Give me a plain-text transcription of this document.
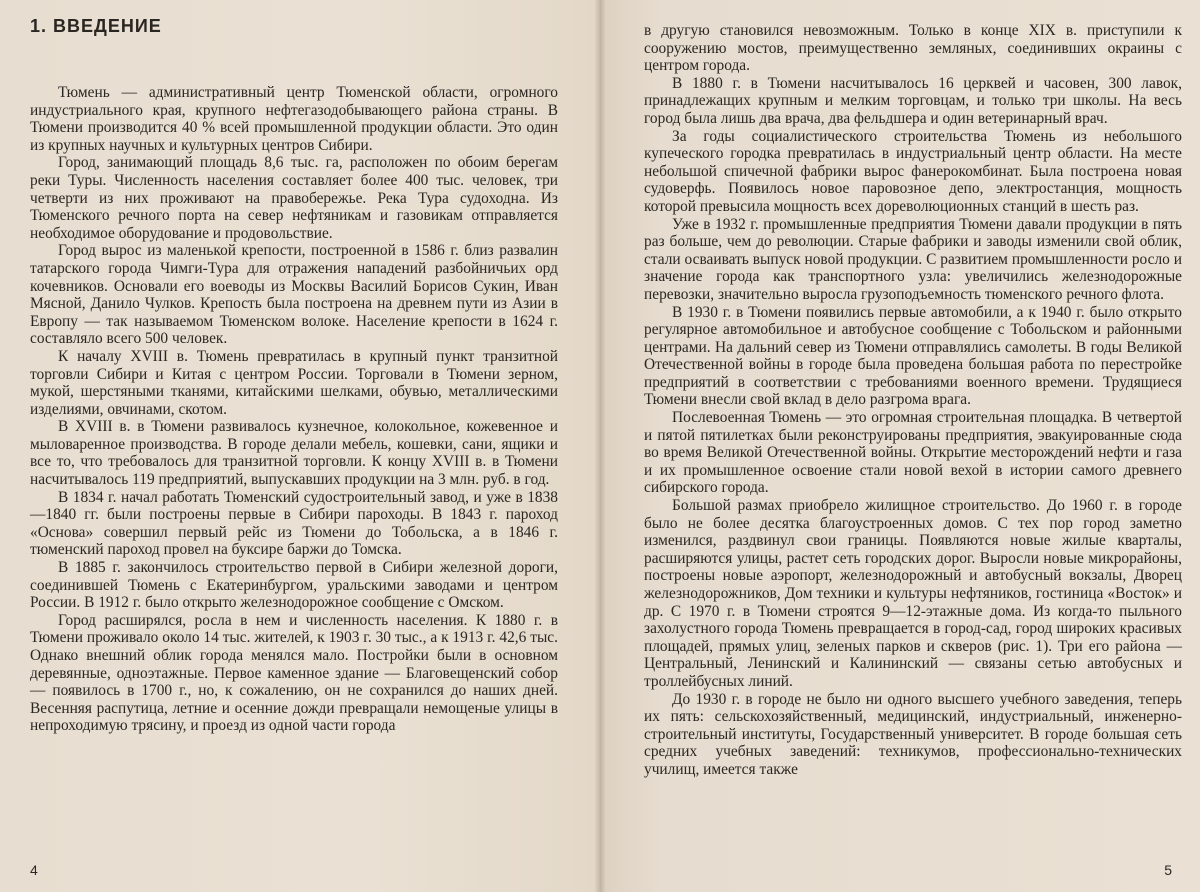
1. ВВЕДЕНИЕ

Тюмень — административный центр Тюменской области, огромного индустриального края, крупного нефтегазодобывающего района страны. В Тюмени производится 40 % всей промышленной продукции области. Это один из крупных научных и культурных центров Сибири.

Город, занимающий площадь 8,6 тыс. га, расположен по обоим берегам реки Туры. Численность населения составляет более 400 тыс. человек, три четверти из них проживают на правобережье. Река Тура судоходна. Из Тюменского речного порта на север нефтяникам и газовикам отправляется необходимое оборудование и продовольствие.

Город вырос из маленькой крепости, построенной в 1586 г. близ развалин татарского города Чимги-Тура для отражения нападений разбойничьих орд кочевников. Основали его воеводы из Москвы Василий Борисов Сукин, Иван Мясной, Данило Чулков. Крепость была построена на древнем пути из Азии в Европу — так называемом Тюменском волоке. Население крепости в 1624 г. составляло всего 500 человек.

К началу XVIII в. Тюмень превратилась в крупный пункт транзитной торговли Сибири и Китая с центром России. Торговали в Тюмени зерном, мукой, шерстяными тканями, китайскими шелками, обувью, металлическими изделиями, овчинами, скотом.

В XVIII в. в Тюмени развивалось кузнечное, колокольное, кожевенное и мыловаренное производства. В городе делали мебель, кошевки, сани, ящики и все то, что требовалось для транзитной торговли. К концу XVIII в. в Тюмени насчитывалось 119 предприятий, выпускавших продукции на 3 млн. руб. в год.

В 1834 г. начал работать Тюменский судостроительный завод, и уже в 1838—1840 гг. были построены первые в Сибири пароходы. В 1843 г. пароход «Основа» совершил первый рейс из Тюмени до Тобольска, а в 1846 г. тюменский пароход провел на буксире баржи до Томска.

В 1885 г. закончилось строительство первой в Сибири железной дороги, соединившей Тюмень с Екатеринбургом, уральскими заводами и центром России. В 1912 г. было открыто железнодорожное сообщение с Омском.

Город расширялся, росла в нем и численность населения. К 1880 г. в Тюмени проживало около 14 тыс. жителей, к 1903 г. 30 тыс., а к 1913 г. 42,6 тыс. Однако внешний облик города менялся мало. Постройки были в основном деревянные, одноэтажные. Первое каменное здание — Благовещенский собор — появилось в 1700 г., но, к сожалению, он не сохранился до наших дней. Весенняя распутица, летние и осенние дожди превращали немощеные улицы в непроходимую трясину, и проезд из одной части города

4

в другую становился невозможным. Только в конце XIX в. приступили к сооружению мостов, преимущественно земляных, соединивших окраины с центром города.

В 1880 г. в Тюмени насчитывалось 16 церквей и часовен, 300 лавок, принадлежащих крупным и мелким торговцам, и только три школы. На весь город была лишь два врача, два фельдшера и один ветеринарный врач.

За годы социалистического строительства Тюмень из небольшого купеческого городка превратилась в индустриальный центр области. На месте небольшой спичечной фабрики вырос фанерокомбинат. Была построена новая судоверфь. Появилось новое паровозное депо, электростанция, мощность которой превысила мощность всех дореволюционных станций в шесть раз.

Уже в 1932 г. промышленные предприятия Тюмени давали продукции в пять раз больше, чем до революции. Старые фабрики и заводы изменили свой облик, стали осваивать выпуск новой продукции. С развитием промышленности росло и значение города как транспортного узла: увеличились железнодорожные перевозки, значительно выросла грузоподъемность тюменского речного флота.

В 1930 г. в Тюмени появились первые автомобили, а к 1940 г. было открыто регулярное автомобильное и автобусное сообщение с Тобольском и районными центрами. На дальний север из Тюмени отправлялись самолеты. В годы Великой Отечественной войны в городе была проведена большая работа по перестройке предприятий в соответствии с требованиями военного времени. Трудящиеся Тюмени внесли свой вклад в дело разгрома врага.

Послевоенная Тюмень — это огромная строительная площадка. В четвертой и пятой пятилетках были реконструированы предприятия, эвакуированные сюда во время Великой Отечественной войны. Открытие месторождений нефти и газа и их промышленное освоение стали новой вехой в истории самого древнего сибирского города.

Большой размах приобрело жилищное строительство. До 1960 г. в городе было не более десятка благоустроенных домов. С тех пор город заметно изменился, раздвинул свои границы. Появляются новые жилые кварталы, расширяются улицы, растет сеть городских дорог. Выросли новые микрорайоны, построены новые аэропорт, железнодорожный и автобусный вокзалы, Дворец железнодорожников, Дом техники и культуры нефтяников, гостиница «Восток» и др. С 1970 г. в Тюмени строятся 9—12-этажные дома. Из когда-то пыльного захолустного города Тюмень превращается в город-сад, город широких красивых площадей, прямых улиц, зеленых парков и скверов (рис. 1). Три его района — Центральный, Ленинский и Калининский — связаны сетью автобусных и троллейбусных линий.

До 1930 г. в городе не было ни одного высшего учебного заведения, теперь их пять: сельскохозяйственный, медицинский, индустриальный, инженерно-строительный институты, Государственный университет. В городе большая сеть средних учебных заведений: техникумов, профессионально-технических училищ, имеется также

5
